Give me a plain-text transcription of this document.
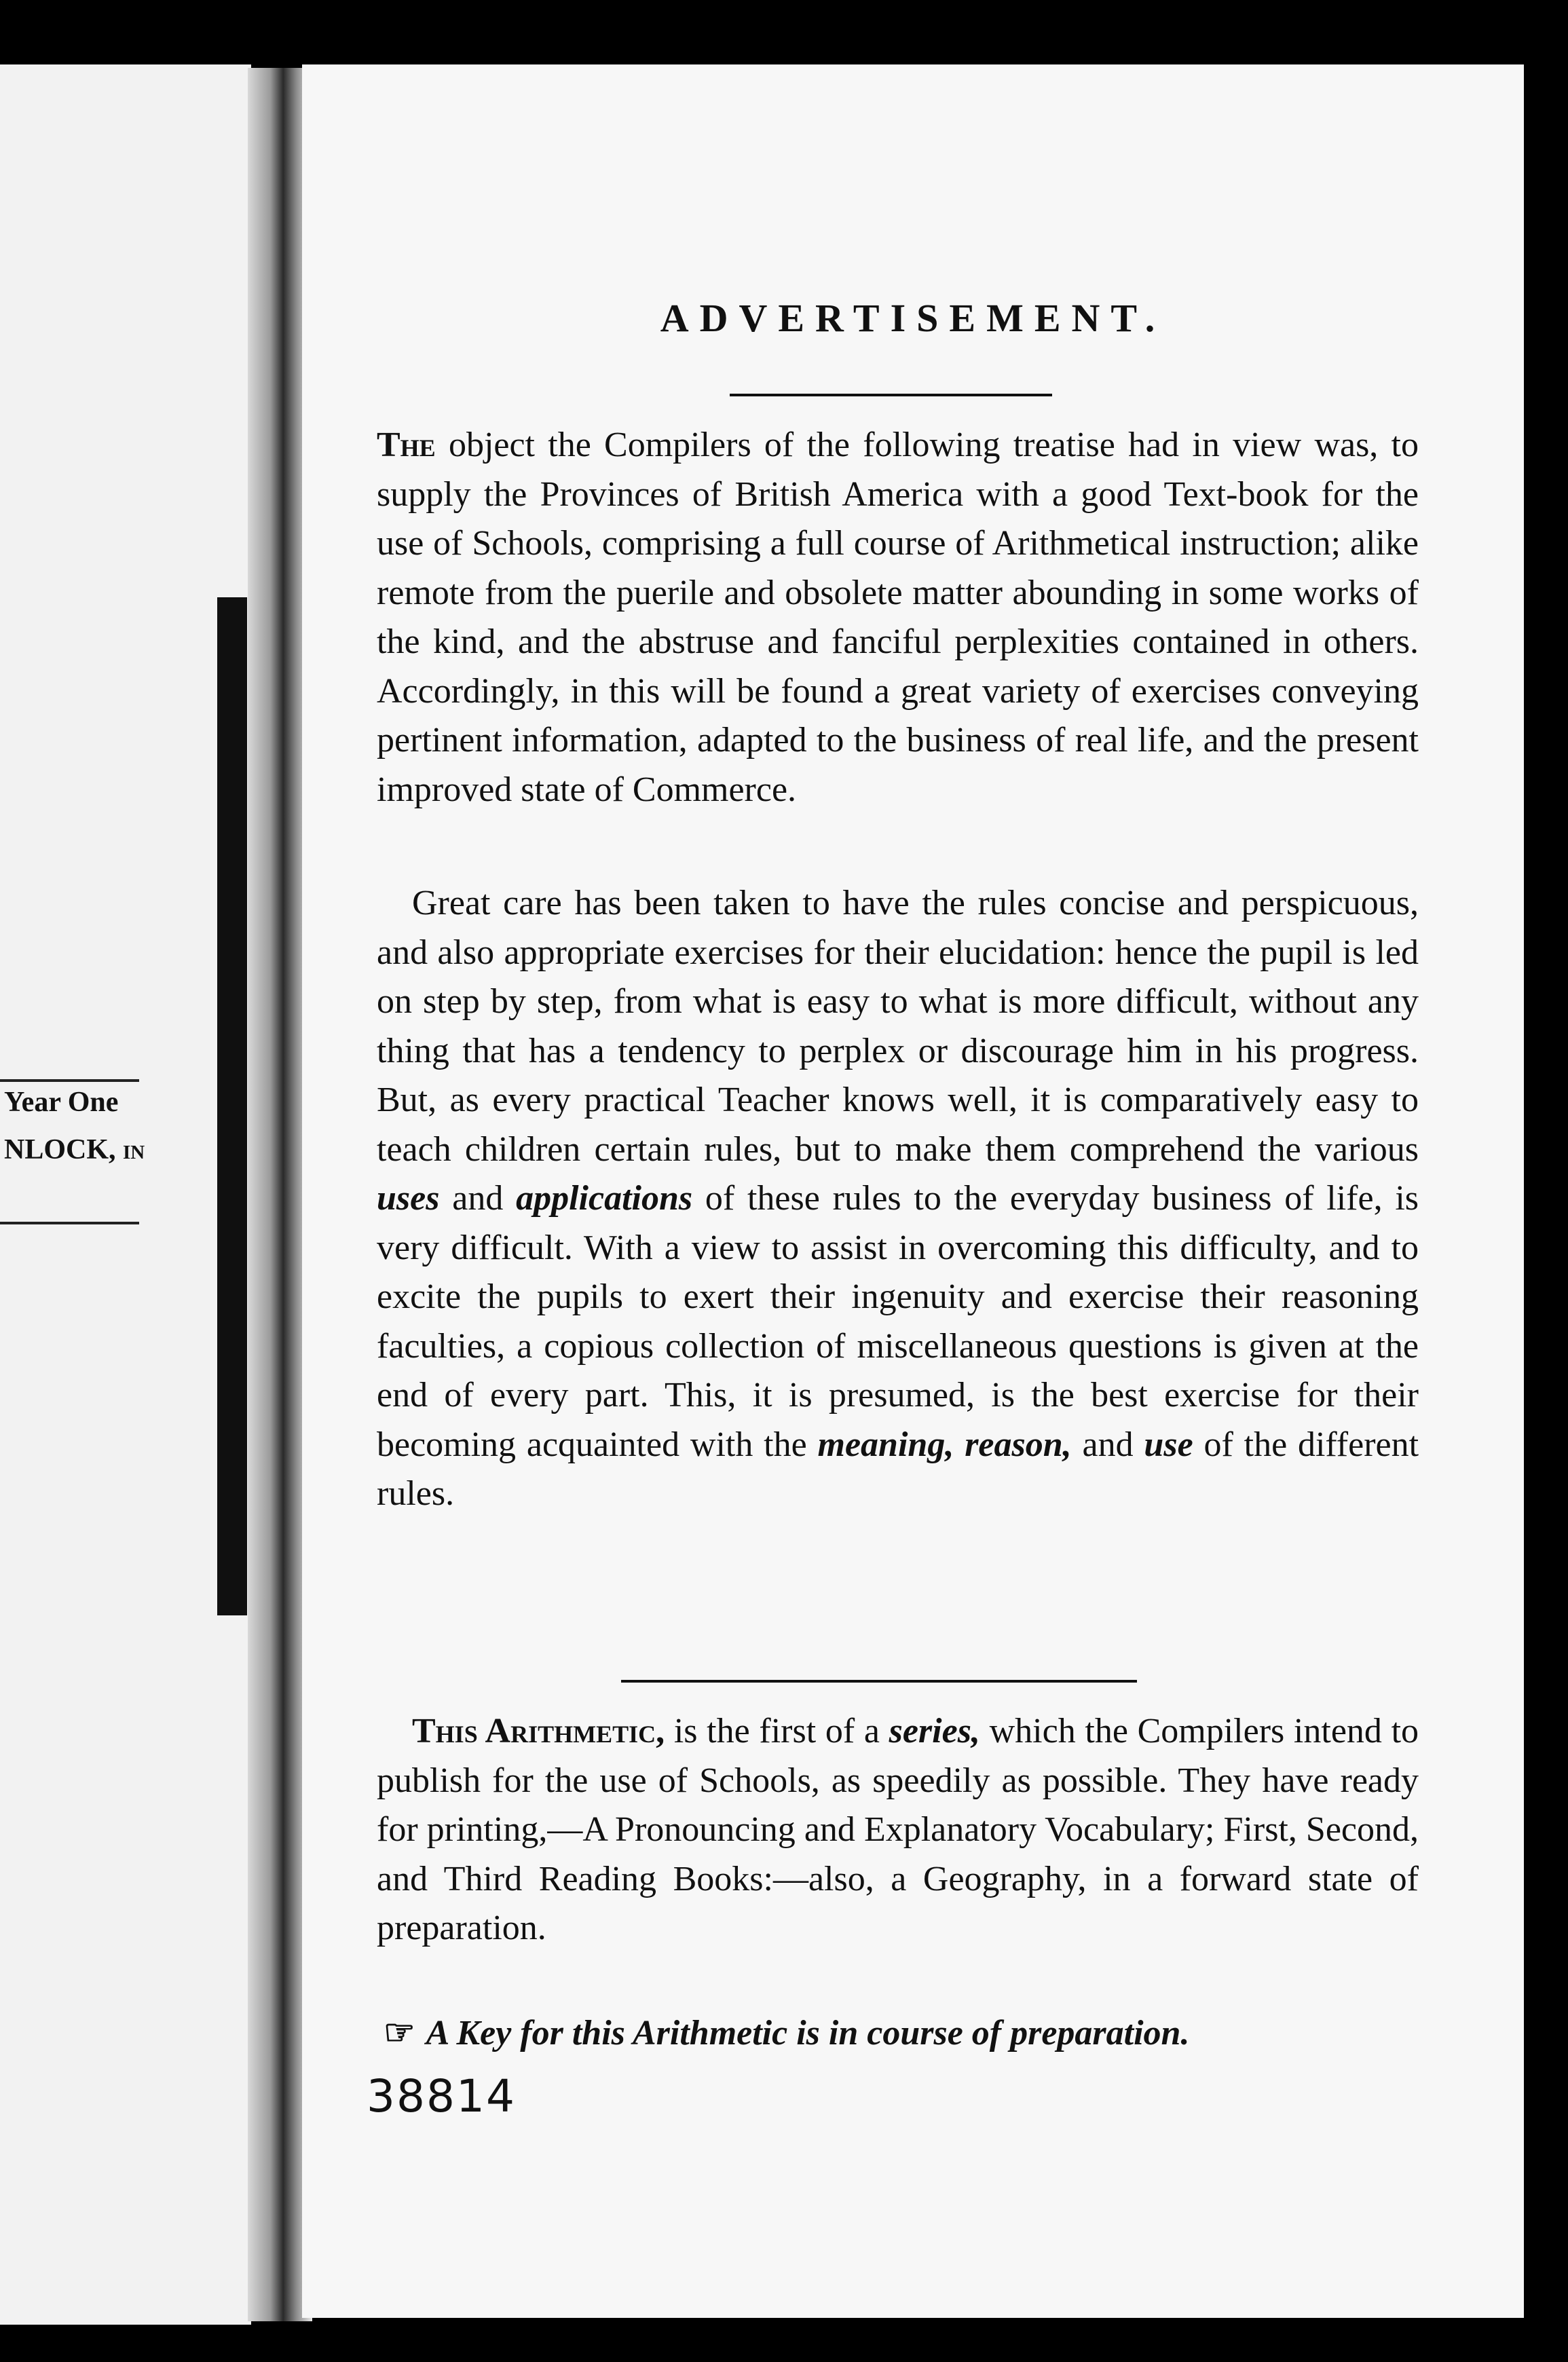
Year One
NLOCK, in
ADVERTISEMENT.

The object the Compilers of the following treatise had in view was, to supply the Provinces of British America with a good Text-book for the use of Schools, comprising a full course of Arithmetical instruction; alike remote from the puerile and obsolete matter abounding in some works of the kind, and the abstruse and fanciful perplexities contained in others. Accordingly, in this will be found a great variety of exercises conveying pertinent information, adapted to the business of real life, and the present improved state of Commerce.

Great care has been taken to have the rules concise and perspicuous, and also appropriate exercises for their elucidation: hence the pupil is led on step by step, from what is easy to what is more difficult, without any thing that has a tendency to perplex or discourage him in his progress. But, as every practical Teacher knows well, it is comparatively easy to teach children certain rules, but to make them comprehend the various uses and applications of these rules to the everyday business of life, is very difficult. With a view to assist in overcoming this difficulty, and to excite the pupils to exert their ingenuity and exercise their reasoning faculties, a copious collection of miscellaneous questions is given at the end of every part. This, it is presumed, is the best exercise for their becoming acquainted with the meaning, reason, and use of the different rules.

This Arithmetic, is the first of a series, which the Compilers intend to publish for the use of Schools, as speedily as possible. They have ready for printing,—A Pronouncing and Explanatory Vocabulary; First, Second, and Third Reading Books:—also, a Geography, in a forward state of preparation.

☞ A Key for this Arithmetic is in course of preparation.
38814
